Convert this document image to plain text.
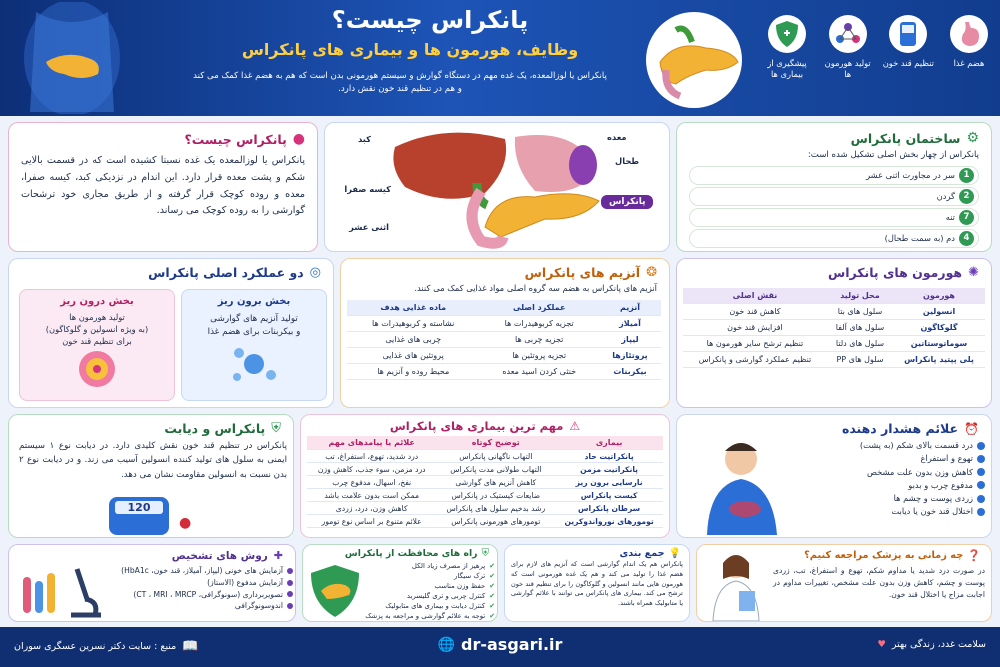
پانکراس چیست؟
وظایف، هورمون ها و بیماری های پانکراس
پانکراس یا لوزالمعده، یک غده مهم در دستگاه گوارش و سیستم هورمونی بدن است که هم به هضم غذا کمک می کند
و هم در تنظیم قند خون نقش دارد.
پیشگیری از بیماری ها
تولید هورمون ها
تنظیم قند خون	هضم غذا
●
پانکراس چیست؟
پانکراس یا لوزالمعده یک غده نسبتا کشیده است که در قسمت بالایی شکم و پشت معده قرار دارد. این اندام در نزدیکی کبد، کیسه صفرا، معده و روده کوچک قرار گرفته و از طریق مجاری خود ترشحات گوارشی را به روده کوچک می رساند.
کبد	معده
طحال
کیسه صفرا
پانکراس
اثنی عشر
⚙
ساختمان پانکراس
پانکراس از چهار بخش اصلی تشکیل شده است:
1
سر در مجاورت اثنی عشر
2
گردن
7
تنه
4
دم (به سمت طحال)
◎
دو عملکرد اصلی پانکراس
بخش برون ریز
تولید آنزیم های گوارشی
و بیکربنات برای هضم غذا
بخش درون ریز
تولید هورمون ها
(به ویژه انسولین و گلوکاگون)
برای تنظیم قند خون
❂
آنزیم های پانکراس
آنزیم های پانکراس به هضم سه گروه اصلی مواد غذایی کمک می کنند.
آنزیم	عملکرد اصلی	ماده غذایی هدف
آمیلاز	تجزیه کربوهیدرات ها	نشاسته و کربوهیدرات ها
لیپاز	تجزیه چربی ها	چربی های غذایی
پروتئازها	تجزیه پروتئین ها	پروتئین های غذایی
بیکربنات	خنثی کردن اسید معده	محیط روده و آنزیم ها
✺
هورمون های پانکراس
هورمون	محل تولید	نقش اصلی
انسولین	سلول های بتا	کاهش قند خون
گلوکاگون	سلول های آلفا	افزایش قند خون
سوماتوستاتین	سلول های دلتا	تنظیم ترشح سایر هورمون ها
پلی پپتید پانکراس	سلول های PP	تنظیم عملکرد گوارشی و پانکراس
⛨
پانکراس و دیابت
پانکراس در تنظیم قند خون نقش کلیدی دارد. در دیابت نوع ۱ سیستم ایمنی به سلول های تولید کننده انسولین آسیب می زند. و در دیابت نوع ۲ بدن نسبت به انسولین مقاومت نشان می دهد.
120
●
⚠
مهم ترین بیماری های پانکراس
بیماری	توضیح کوتاه	علائم یا پیامدهای مهم
پانکراتیت حاد	التهاب ناگهانی پانکراس	درد شدید، تهوع، استفراغ، تب
پانکراتیت مزمن	التهاب طولانی مدت پانکراس	درد مزمن، سوء جذب، کاهش وزن
نارسایی برون ریز	کاهش آنزیم های گوارشی	نفخ، اسهال، مدفوع چرب
کیست پانکراس	ضایعات کیستیک در پانکراس	ممکن است بدون علامت باشد
سرطان پانکراس	رشد بدخیم سلول های پانکراس	کاهش وزن، درد، زردی
تومورهای نورواندوکرین	تومورهای هورمونی پانکراس	علائم متنوع بر اساس نوع تومور
⏰
علائم هشدار دهنده
درد قسمت بالای شکم (به پشت)
تهوع و استفراغ
کاهش وزن بدون علت مشخص
مدفوع چرب و بدبو
زردی پوست و چشم ها
اختلال قند خون یا دیابت
✚
روش های تشخیص
آزمایش های خونی (لیپاز، آمیلاز، قند خون، HbA1c)
آزمایش مدفوع (الاستاز)
تصویربرداری (سونوگرافی، CT ، MRI ، MRCP)
اندوسونوگرافی
⛨
راه های محافظت از پانکراس
✔
پرهیز از مصرف زیاد الکل
✔
ترک سیگار
✔
حفظ وزن مناسب
✔
کنترل چربی و تری گلیسرید
✔
کنترل دیابت و بیماری های متابولیک
✔
توجه به علائم گوارشی و مراجعه به پزشک
💡
جمع بندی
پانکراس هم یک اندام گوارشی است که آنزیم های لازم برای هضم غذا را تولید می کند و هم یک غده هورمونی است که هورمون هایی مانند انسولین و گلوکاگون را برای تنظیم قند خون ترشح می کند. بیماری های پانکراس می توانند با علائم گوارشی یا متابولیک همراه باشند.
❓
چه زمانی به پزشک مراجعه کنیم؟
در صورت درد شدید یا مداوم شکم، تهوع و استفراغ، تب، زردی پوست و چشم، کاهش وزن بدون علت مشخص، تغییرات مداوم در اجابت مزاج یا اختلال قند خون.
سلامت غدد، زندگی بهتر
♥
🌐 dr-asgari.ir
منبع : سایت دکتر نسرین عسگری سوران 📖
